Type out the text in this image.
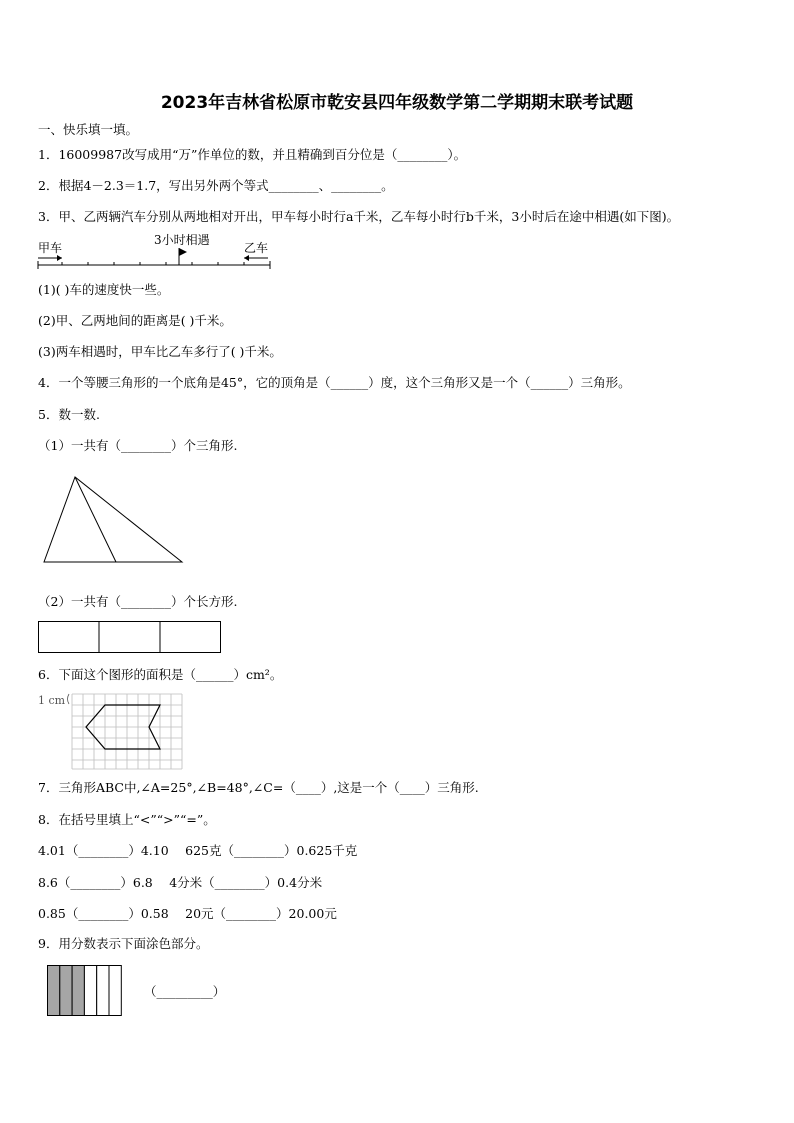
2023年吉林省松原市乾安县四年级数学第二学期期末联考试题
一、快乐填一填。
1．16009987改写成用“万”作单位的数，并且精确到百分位是（________）。
2．根据4－2.3＝1.7，写出另外两个等式________、________。
3．甲、乙两辆汽车分别从两地相对开出，甲车每小时行a千米，乙车每小时行b千米，3小时后在途中相遇(如下图)。
甲车
3小时相遇
乙车
(1)( )车的速度快一些。
(2)甲、乙两地间的距离是( )千米。
(3)两车相遇时，甲车比乙车多行了( )千米。
4．一个等腰三角形的一个底角是45°，它的顶角是（______）度，这个三角形又是一个（______）三角形。
5．数一数.
（1）一共有（________）个三角形.
（2）一共有（________）个长方形.
6．下面这个图形的面积是（______）cm²。
1 cm
7．三角形ABC中,∠A=25°,∠B=48°,∠C=（____）,这是一个（____）三角形.
8．在括号里填上“<”“>”“=”。
4.01（________）4.10　 625克（________）0.625千克
8.6（________）6.8　 4分米（________）0.4分米
0.85（________）0.58　 20元（________）20.00元
9．用分数表示下面涂色部分。
（_________）
